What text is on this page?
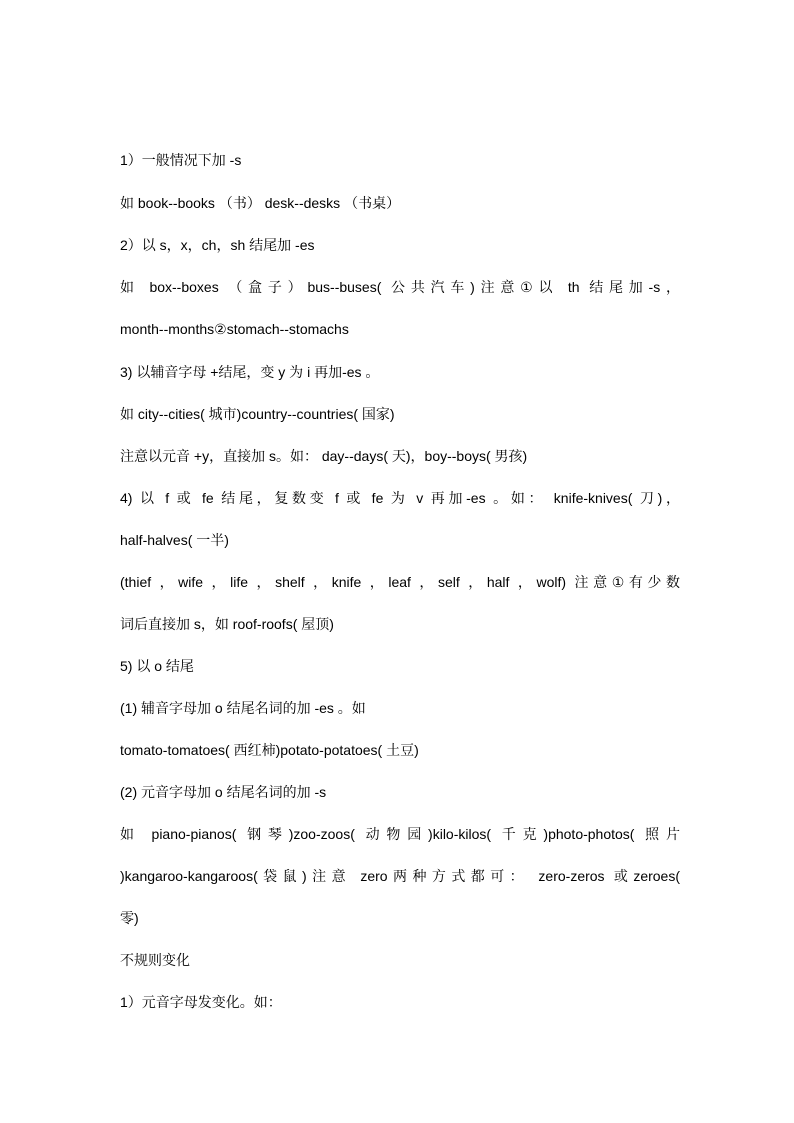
1）一般情况下加 -s
如 book--books （书） desk--desks （书桌）
2）以 s，x，ch，sh 结尾加 -es
如 box--boxes （盒子）bus--buses( 公共汽车)注意①以 th 结尾加-s，
month--months②stomach--stomachs
3) 以辅音字母 +结尾，变 y 为 i 再加-es 。
如 city--cities( 城市)country--countries( 国家)
注意以元音 +y，直接加 s。如： day--days( 天)，boy--boys( 男孩)
4) 以 f 或 fe 结尾，复数变 f 或 fe 为 v 再加-es 。如： knife-knives( 刀)，
half-halves( 一半)
(thief ，wife ，life ，shelf ，knife ，leaf ，self ，half ，wolf) 注意①有少数
词后直接加 s，如 roof-roofs( 屋顶)
5) 以 o 结尾
(1) 辅音字母加 o 结尾名词的加 -es 。如
tomato-tomatoes( 西红柿)potato-potatoes( 土豆)
(2) 元音字母加 o 结尾名词的加 -s
如 piano-pianos( 钢琴)zoo-zoos( 动物园)kilo-kilos( 千克)photo-photos( 照片
)kangaroo-kangaroos(袋鼠)注意 zero两种方式都可： zero-zeros 或zeroes(
零)
不规则变化
1）元音字母发变化。如：
